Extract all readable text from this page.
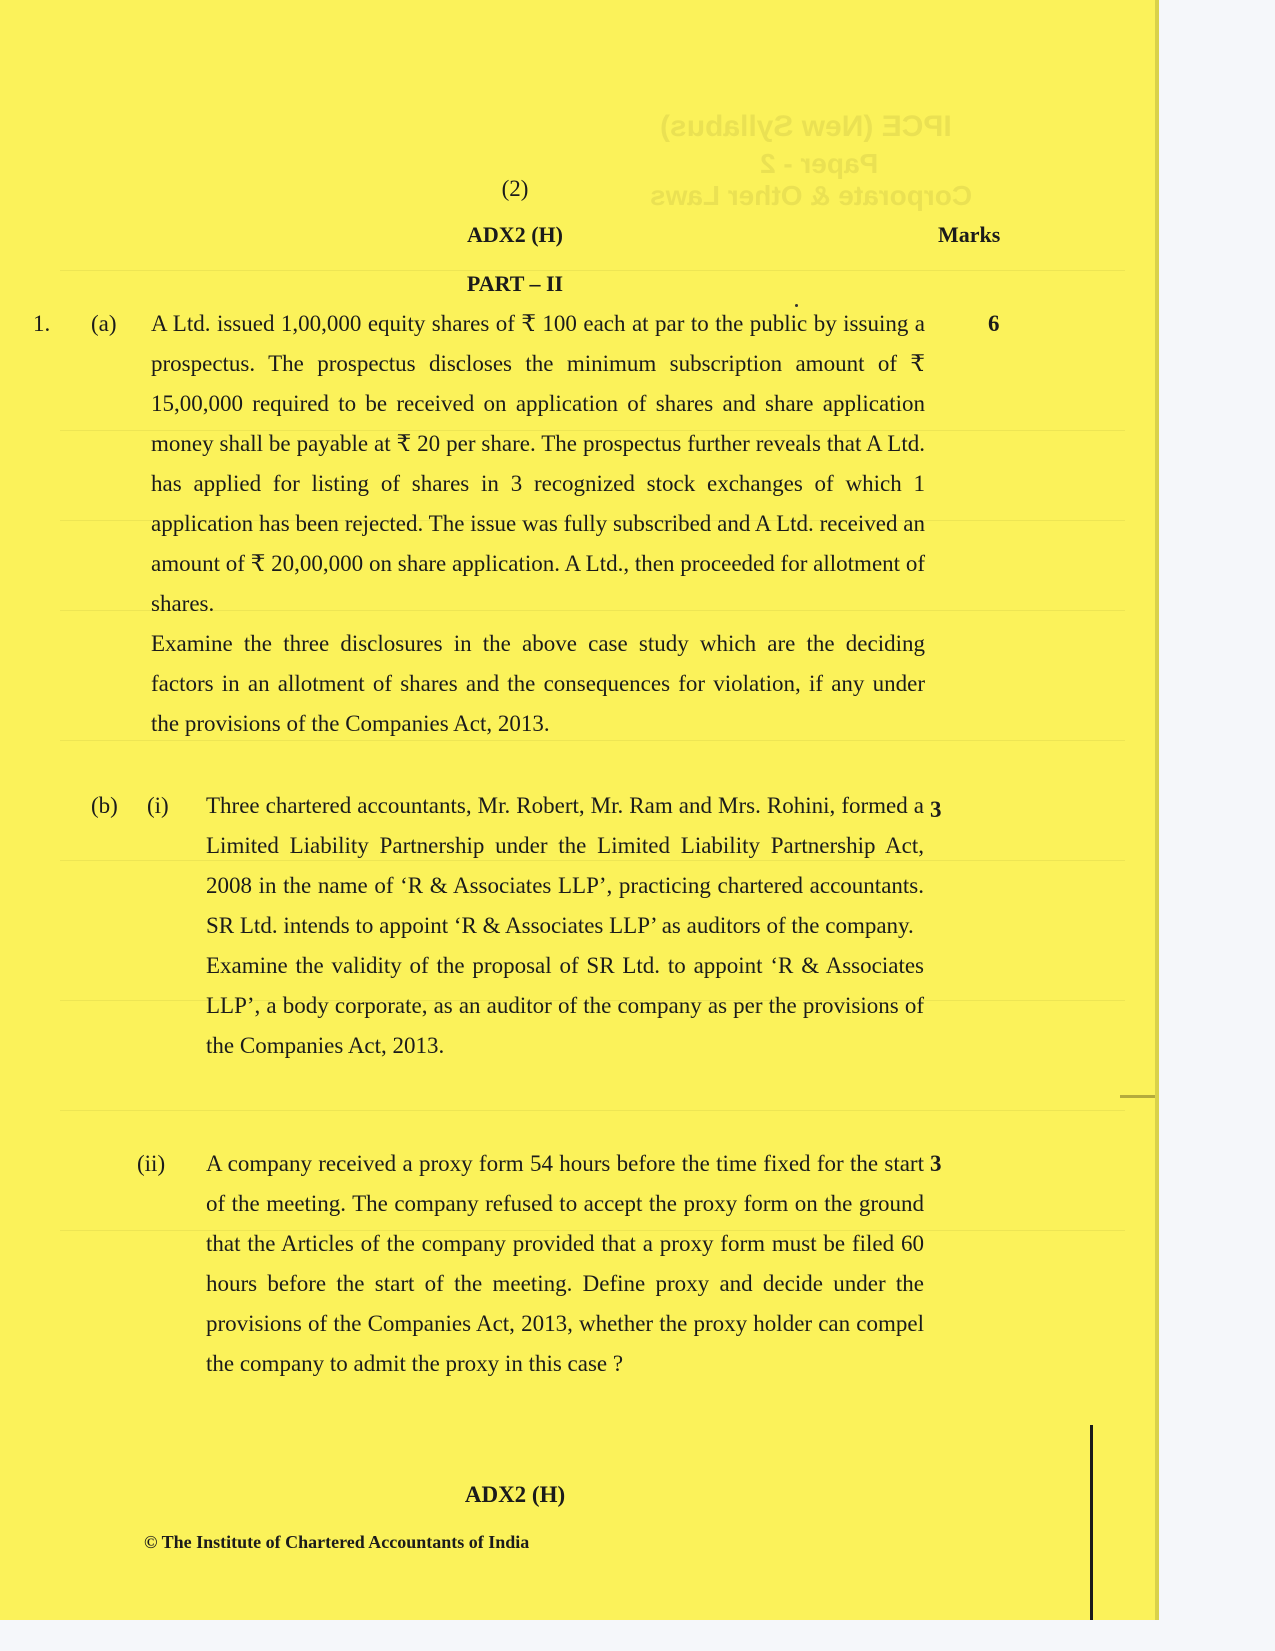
IPCE (New Syllabus)
Paper - 2
Corporate & Other Laws
(2)
ADX2 (H)	Marks
PART – II
1. (a)	6
A Ltd. issued 1,00,000 equity shares of ₹ 100 each at par to the public by issuing a prospectus. The prospectus discloses the minimum subscription amount of ₹ 15,00,000 required to be received on application of shares and share application money shall be payable at ₹ 20 per share. The prospectus further reveals that A Ltd. has applied for listing of shares in 3 recognized stock exchanges of which 1 application has been rejected. The issue was fully subscribed and A Ltd. received an amount of ₹ 20,00,000 on share application. A Ltd., then proceeded for allotment of shares.
Examine the three disclosures in the above case study which are the deciding factors in an allotment of shares and the consequences for violation, if any under the provisions of the Companies Act, 2013.
(b) (i)	3
Three chartered accountants, Mr. Robert, Mr. Ram and Mrs. Rohini, formed a Limited Liability Partnership under the Limited Liability Partnership Act, 2008 in the name of ‘R & Associates LLP’, practicing chartered accountants. SR Ltd. intends to appoint ‘R & Associates LLP’ as auditors of the company.
Examine the validity of the proposal of SR Ltd. to appoint ‘R & Associates LLP’, a body corporate, as an auditor of the company as per the provisions of the Companies Act, 2013.
(ii)	3
A company received a proxy form 54 hours before the time fixed for the start of the meeting. The company refused to accept the proxy form on the ground that the Articles of the company provided that a proxy form must be filed 60 hours before the start of the meeting. Define proxy and decide under the provisions of the Companies Act, 2013, whether the proxy holder can compel the company to admit the proxy in this case ?
ADX2 (H)
© The Institute of Chartered Accountants of India
